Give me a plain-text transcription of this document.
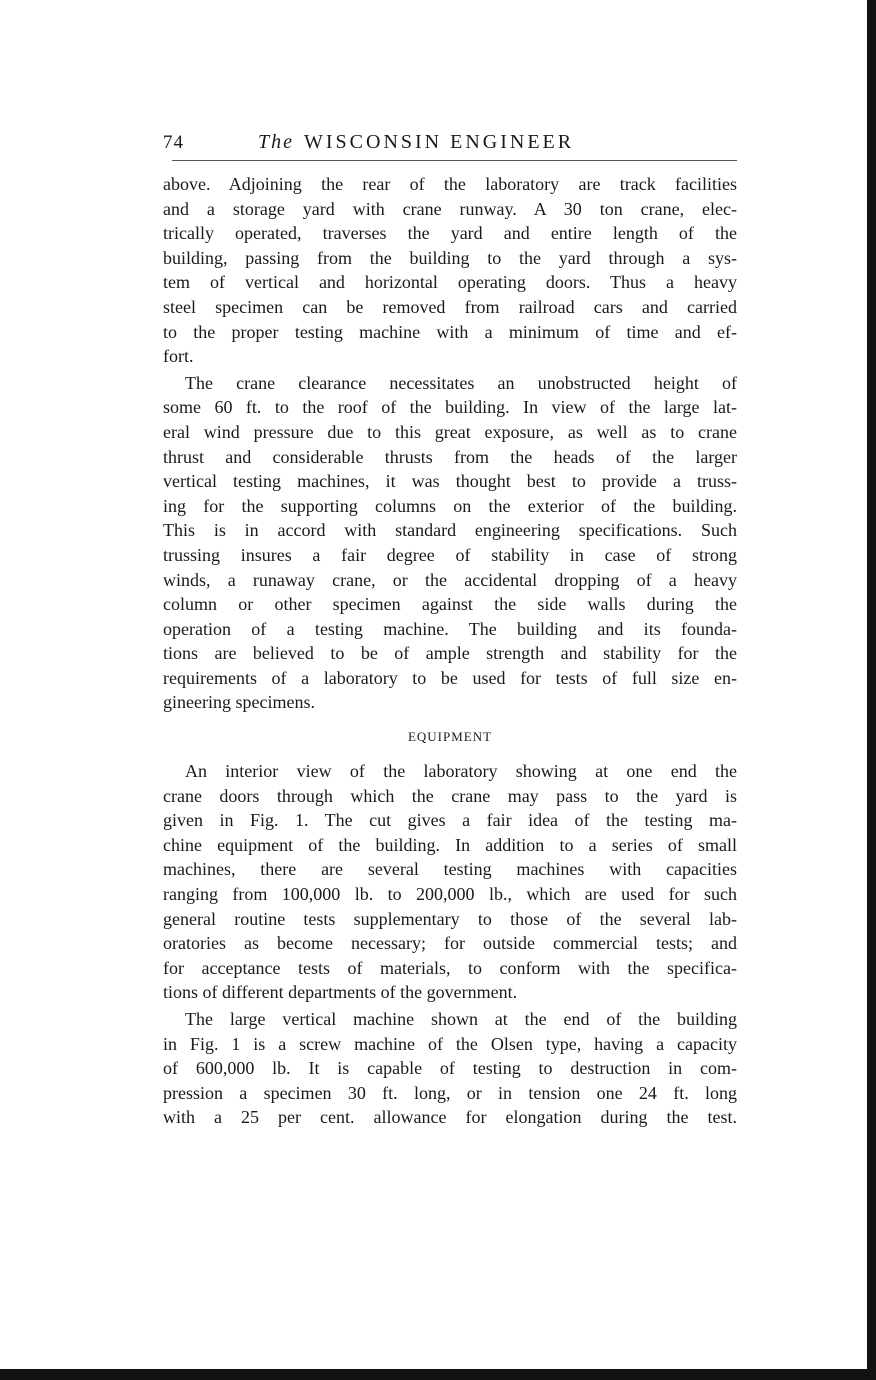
74	The WISCONSIN ENGINEER
above. Adjoining the rear of the laboratory are track facilities
and a storage yard with crane runway. A 30 ton crane, elec-
trically operated, traverses the yard and entire length of the
building, passing from the building to the yard through a sys-
tem of vertical and horizontal operating doors. Thus a heavy
steel specimen can be removed from railroad cars and carried
to the proper testing machine with a minimum of time and ef-
fort.
The crane clearance necessitates an unobstructed height of
some 60 ft. to the roof of the building. In view of the large lat-
eral wind pressure due to this great exposure, as well as to crane
thrust and considerable thrusts from the heads of the larger
vertical testing machines, it was thought best to provide a truss-
ing for the supporting columns on the exterior of the building.
This is in accord with standard engineering specifications. Such
trussing insures a fair degree of stability in case of strong
winds, a runaway crane, or the accidental dropping of a heavy
column or other specimen against the side walls during the
operation of a testing machine. The building and its founda-
tions are believed to be of ample strength and stability for the
requirements of a laboratory to be used for tests of full size en-
gineering specimens.
EQUIPMENT
An interior view of the laboratory showing at one end the
crane doors through which the crane may pass to the yard is
given in Fig. 1. The cut gives a fair idea of the testing ma-
chine equipment of the building. In addition to a series of small
machines, there are several testing machines with capacities
ranging from 100,000 lb. to 200,000 lb., which are used for such
general routine tests supplementary to those of the several lab-
oratories as become necessary; for outside commercial tests; and
for acceptance tests of materials, to conform with the specifica-
tions of different departments of the government.
The large vertical machine shown at the end of the building
in Fig. 1 is a screw machine of the Olsen type, having a capacity
of 600,000 lb. It is capable of testing to destruction in com-
pression a specimen 30 ft. long, or in tension one 24 ft. long
with a 25 per cent. allowance for elongation during the test.
